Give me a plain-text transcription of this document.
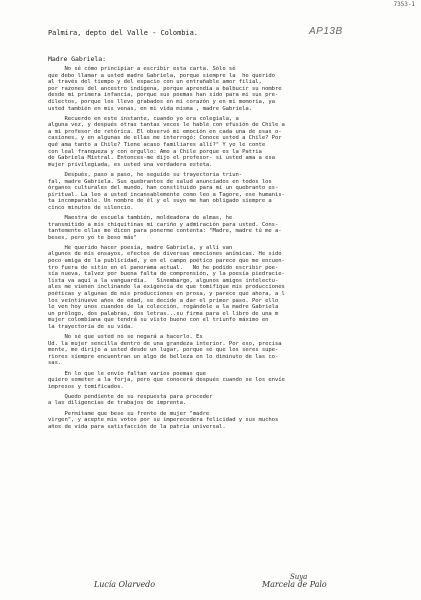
7353-1
AP13B
Palmira, depto del Valle - Colombia.
Madre Gabriela:
No sé cómo principiar a escribir esta carta. Sólo sé
que debo llamar a usted madre Gabriela, porque siempre la  he querido
al través del tiempo y del espacio con un entrañable amor filial,
por razones del ancestro indígena, porque aprendía a balbucir su nombre
desde mi primera infancia, porque sus poemas han sido para mi sus pre-
dilectos, porque los llevo grabados en mi corazón y en mi memoria, ya
usted también en mis venas, en mi vida misma , madre Gabriela.
Recuerdo en este instante, cuando yo era colegiala, a
alguna vez, y después otras tantas veces le hablé con efusión de Chile a
a mi profesor de retórica. El observó mi emoción en cada una de esas o-
casiones, y en algunas de ellas me interrogó: Conoce usted a Chile? Por
qué ama tanto a Chile? Tiene acaso familiares allí?" Y yo le conte
con leal franqueza y con orgullo: Amo a Chile porque es la Patria
de Gabriela Mistral. Entonces-me dijo el profesor- si usted ama a esa
mujer privilegiada, es usted una verdadera esteta.
Después, paso a paso, he seguido su trayectoria triun-
fal, madre Gabriela. Sus quebrantos de salud anunciados en todos los
órganos culturales del mundo, han constituido para mí un quebranto es-
piritual. La leo a usted incansablemente como leo a Tagore, ese humanis-
ta incomparable. Un nombre de él y el suyo me han obligado siempre a
cinco minutos de silencio.
Maestra de escuela también, moldeadora de almas, he
transmitido a mis chiquitinas mi cariño y admiración para usted. Cons-
tantemente ellas me dicen para ponerme contenta: "Madre, madre tú me a-
beses, pero yo te beso más"
He querido hacer poesía, madre Gabriela, y allí van
algunos de mis ensayos, efectos de diversas emociones anímicas. He sido
poco amiga de la publicidad, y en el campo poético parece que me encuen-
tro fuera de sitio en el panorama actual.   No he podido escribir poe-
sía nueva, talvez por buena falta de comprensión, y la poesía piedracie-
lista va aquí a la vanguardia.   Sinembargo, algunos amigos intelectu-
ales me vienen inclinando la exigencia de que tomifique mis producciones
poéticas y algunas de mis producciones en prosa, y parece que ahora, a l
los veintinueve años de edad, se decide a dar el primer paso. Por ello
le ven hoy unos cuandos de la colección, rogándole a la madre Gabriela
un prólogo, dos palabras, dos letras...su firma para el libro de una m
mujer colombiana que tendrá su visto bueno con el triunfo máximo en
la trayectoria de su vida.
No sé que usted no se negará a hacerlo. Es
Ud. la mujer sencilla dentro de una grandeza interior. Por eso, precisa
mente, me dirijo a usted desde un lugar, porque sé que los seres supe-
riores siempre encuentran un algo de belleza en lo diminuto de las co-
sas.
En lo que le envío faltan varios poemas que
quiero someter a la forja, pero que conocerá después cuando se los envíe
impresos y tomificados.
Quedo pendiente de su respuesta para proceder
a las diligencias de trabajos de imprenta.
Permítame que bese su frente de mujer "madre
virgen", y acepte mis votos por su imperecedera felicidad y sus muchos
años de vida para satisfacción de la patria universal.
Suya
Lucía Olarvedo	Marcela de Palo
